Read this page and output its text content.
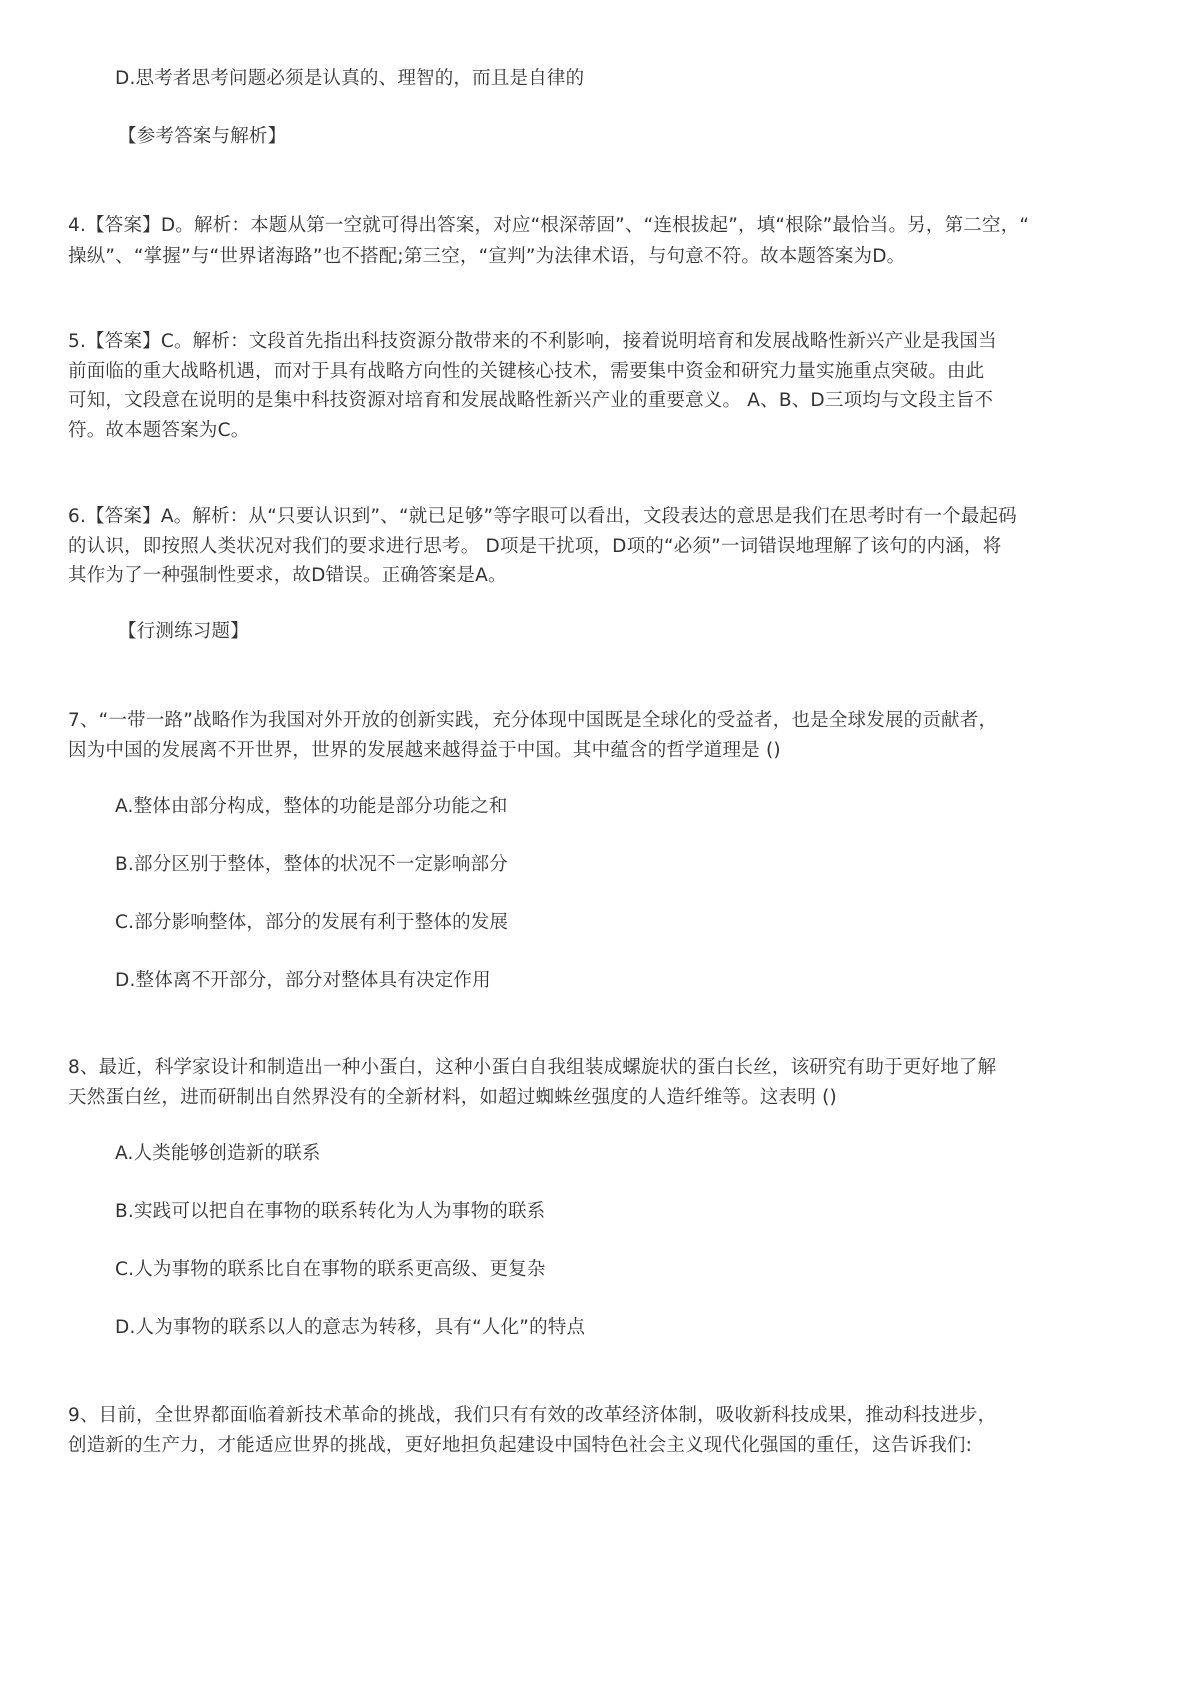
D.思考者思考问题必须是认真的、理智的，而且是自律的
【参考答案与解析】
4.【答案】D。解析：本题从第一空就可得出答案，对应“根深蒂固”、“连根拔起”，填“根除”最恰当。另，第二空，“
操纵”、“掌握”与“世界诸海路”也不搭配;第三空，“宣判”为法律术语，与句意不符。故本题答案为D。
5.【答案】C。解析：文段首先指出科技资源分散带来的不利影响，接着说明培育和发展战略性新兴产业是我国当
前面临的重大战略机遇，而对于具有战略方向性的关键核心技术，需要集中资金和研究力量实施重点突破。由此
可知，文段意在说明的是集中科技资源对培育和发展战略性新兴产业的重要意义。 A、B、D三项均与文段主旨不
符。故本题答案为C。
6.【答案】A。解析：从“只要认识到”、“就已足够”等字眼可以看出，文段表达的意思是我们在思考时有一个最起码
的认识，即按照人类状况对我们的要求进行思考。 D项是干扰项，D项的“必须”一词错误地理解了该句的内涵，将
其作为了一种强制性要求，故D错误。正确答案是A。
【行测练习题】
7、“一带一路”战略作为我国对外开放的创新实践，充分体现中国既是全球化的受益者，也是全球发展的贡献者，
因为中国的发展离不开世界，世界的发展越来越得益于中国。其中蕴含的哲学道理是 ()
A.整体由部分构成，整体的功能是部分功能之和
B.部分区别于整体，整体的状况不一定影响部分
C.部分影响整体，部分的发展有利于整体的发展
D.整体离不开部分，部分对整体具有决定作用
8、最近，科学家设计和制造出一种小蛋白，这种小蛋白自我组装成螺旋状的蛋白长丝，该研究有助于更好地了解
天然蛋白丝，进而研制出自然界没有的全新材料，如超过蜘蛛丝强度的人造纤维等。这表明 ()
A.人类能够创造新的联系
B.实践可以把自在事物的联系转化为人为事物的联系
C.人为事物的联系比自在事物的联系更高级、更复杂
D.人为事物的联系以人的意志为转移，具有“人化”的特点
9、目前，全世界都面临着新技术革命的挑战，我们只有有效的改革经济体制，吸收新科技成果，推动科技进步，
创造新的生产力，才能适应世界的挑战，更好地担负起建设中国特色社会主义现代化强国的重任，这告诉我们:
